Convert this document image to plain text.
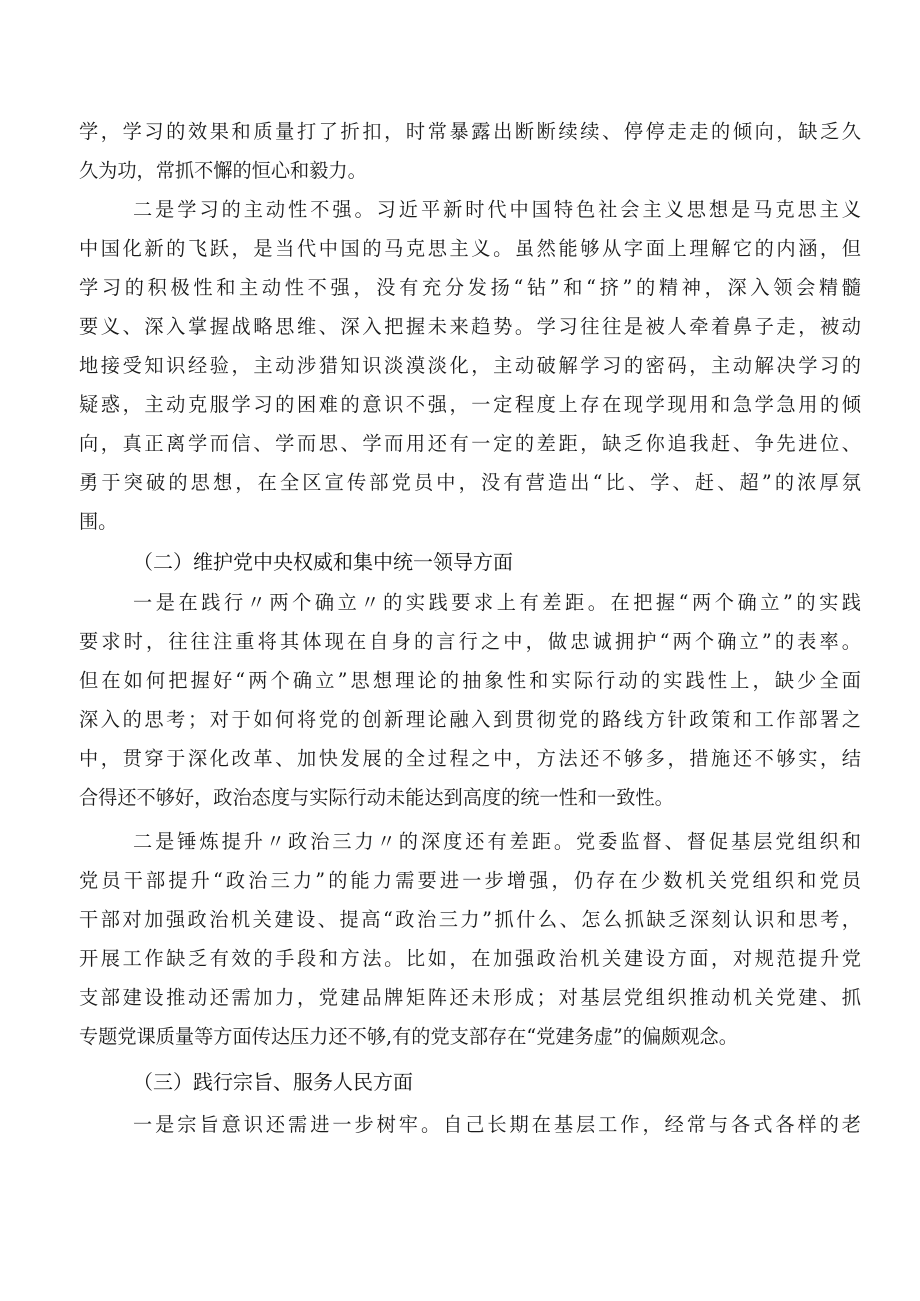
学，学习的效果和质量打了折扣，时常暴露出断断续续、停停走走的倾向，缺乏久
久为功，常抓不懈的恒心和毅力。
二是学习的主动性不强。习近平新时代中国特色社会主义思想是马克思主义
中国化新的飞跃，是当代中国的马克思主义。虽然能够从字面上理解它的内涵，但
学习的积极性和主动性不强，没有充分发扬“钻”和“挤”的精神，深入领会精髓
要义、深入掌握战略思维、深入把握未来趋势。学习往往是被人牵着鼻子走，被动
地接受知识经验，主动涉猎知识淡漠淡化，主动破解学习的密码，主动解决学习的
疑惑，主动克服学习的困难的意识不强，一定程度上存在现学现用和急学急用的倾
向，真正离学而信、学而思、学而用还有一定的差距，缺乏你追我赶、争先进位、
勇于突破的思想，在全区宣传部党员中，没有营造出“比、学、赶、超”的浓厚氛
围。
（二）维护党中央权威和集中统一领导方面
一是在践行〃两个确立〃的实践要求上有差距。在把握“两个确立”的实践
要求时，往往注重将其体现在自身的言行之中，做忠诚拥护“两个确立”的表率。
但在如何把握好“两个确立”思想理论的抽象性和实际行动的实践性上，缺少全面
深入的思考；对于如何将党的创新理论融入到贯彻党的路线方针政策和工作部署之
中，贯穿于深化改革、加快发展的全过程之中，方法还不够多，措施还不够实，结
合得还不够好，政治态度与实际行动未能达到高度的统一性和一致性。
二是锤炼提升〃政治三力〃的深度还有差距。党委监督、督促基层党组织和
党员干部提升“政治三力”的能力需要进一步增强，仍存在少数机关党组织和党员
干部对加强政治机关建设、提高“政治三力”抓什么、怎么抓缺乏深刻认识和思考，
开展工作缺乏有效的手段和方法。比如，在加强政治机关建设方面，对规范提升党
支部建设推动还需加力，党建品牌矩阵还未形成；对基层党组织推动机关党建、抓
专题党课质量等方面传达压力还不够,有的党支部存在“党建务虚”的偏颇观念。
（三）践行宗旨、服务人民方面
一是宗旨意识还需进一步树牢。自己长期在基层工作，经常与各式各样的老
